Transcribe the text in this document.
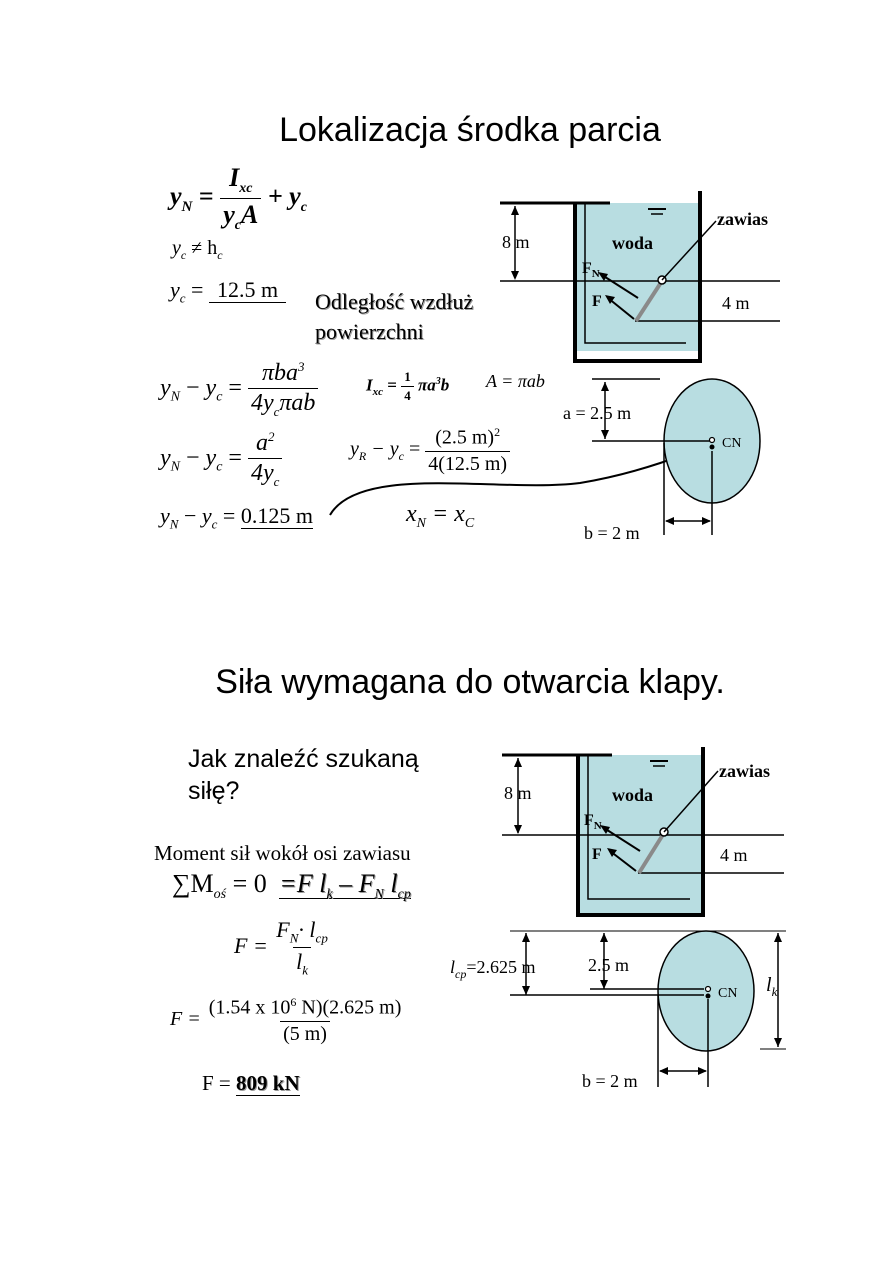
Lokalizacja środka parcia
$y_N = \frac{I_{xc}}{y_cA} + y_c$
$y_c \ne h_c$
$y_c = 12.5$ m	Odległość wzdłuż
powierzchni
$y_N - y_c = \frac{\pi ba^3}{4y_c\pi ab}$	$I_{xc} = \frac{1}{4} \pi a^3b$ A = πab
$y_N - y_c = \frac{a^2}{4y_c}$	$y_R - y_c = \frac{(2.5 m)^2}{4(12.5 m)}$
$y_N - y_c = 0.125$ m	$x_N = x_C$
8 m
zawias
woda
$F_N$
F	4 m
a = 2.5 m
CN
b = 2 m
Siła wymagana do otwarcia klapy.
Jak znaleźć szukaną
siłę?
Moment sił wokół osi zawiasu
$\sum M_{oś} = 0 =F$ $l_k - F_N$ $l_{cp}$
$F = \frac{F_N\cdot l_{cp}}{l_k}$
$F = \frac{(1.54 x 10^6 N)(2.625 m)}{(5 m)}$
F = 809 kN
8 m
zawias
woda
$F_N$
F	4 m
$l_{cp}=2.625$ m	2.5 m
$l_k$
CN
b = 2 m
